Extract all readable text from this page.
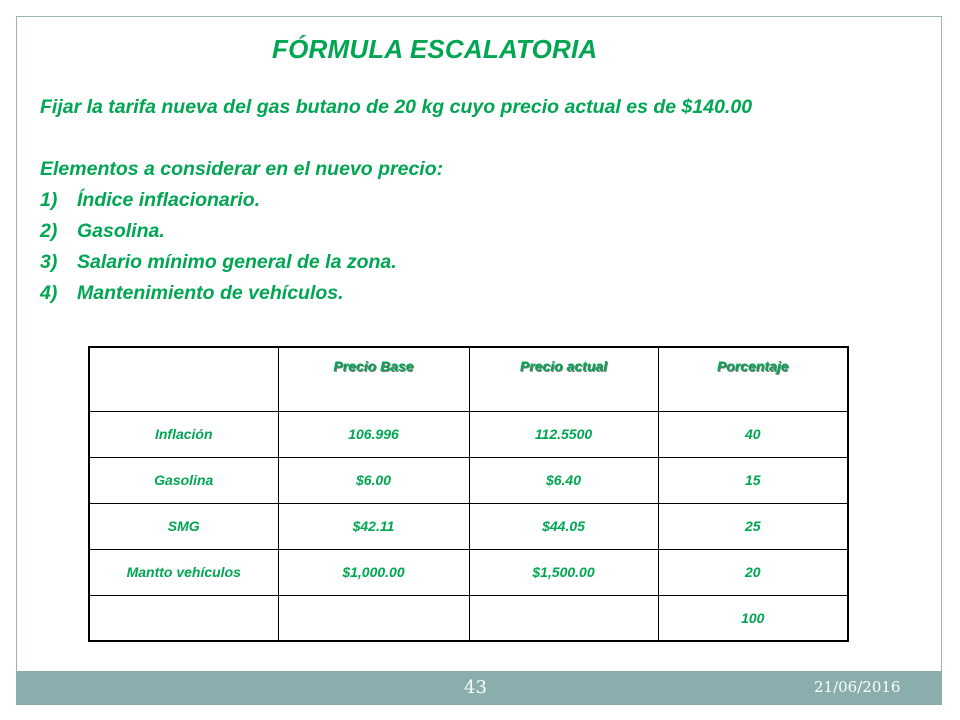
FÓRMULA ESCALATORIA
Fijar la tarifa nueva del gas butano de 20 kg cuyo precio actual es de $140.00
Elementos a considerar en el nuevo precio:
1) Índice inflacionario.
2) Gasolina.
3) Salario mínimo general de la zona.
4) Mantenimiento de vehículos.
	Precio Base	Precio actual	Porcentaje
Inflación	106.996	112.5500	40
Gasolina	$6.00	$6.40	15
SMG	$42.11	$44.05	25
Mantto vehículos	$1,000.00	$1,500.00	20
			100
43	21/06/2016
